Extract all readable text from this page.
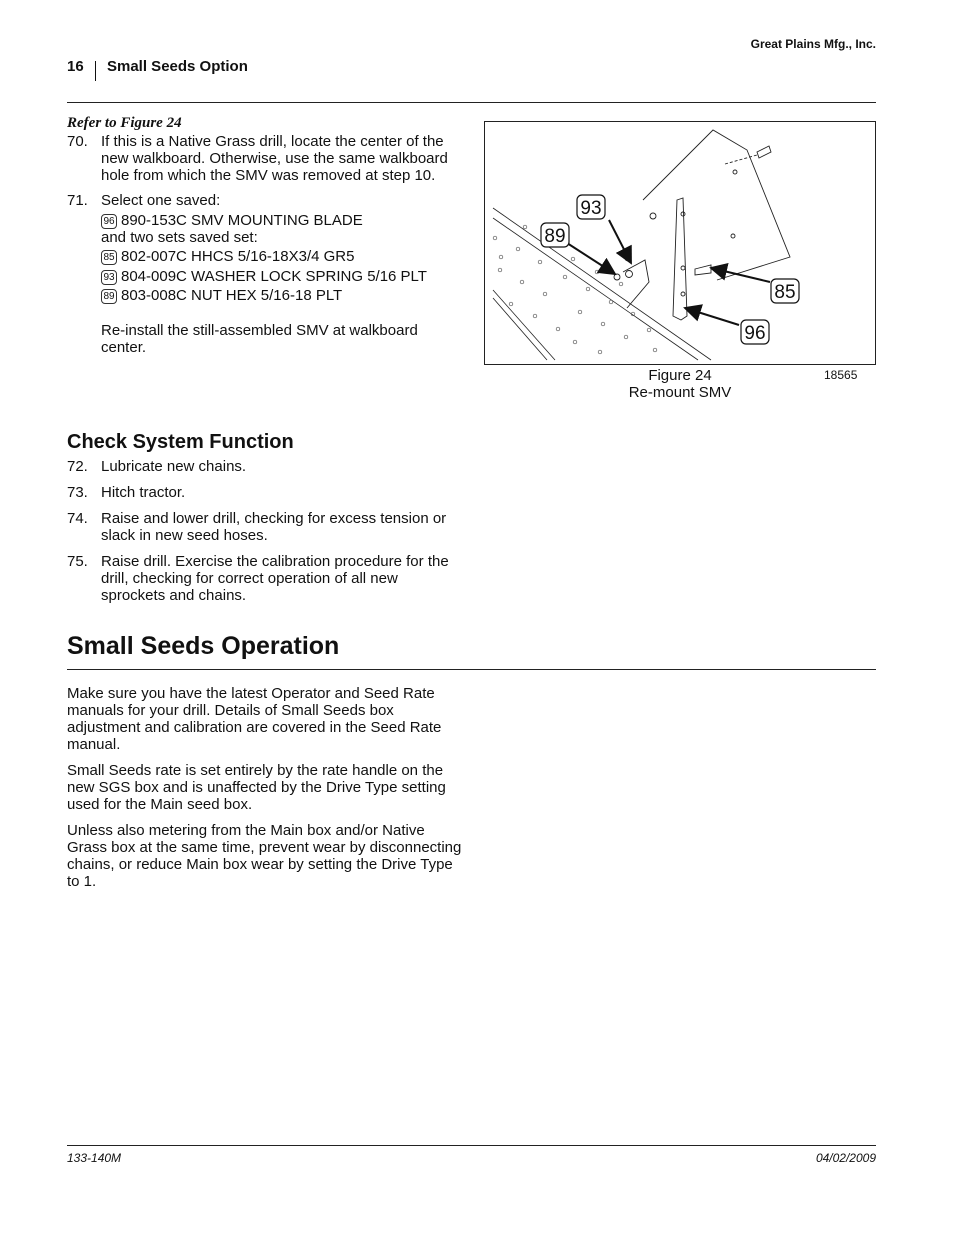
Great Plains Mfg., Inc.
16 Small Seeds Option
Refer to Figure 24
70. If this is a Native Grass drill, locate the center of the new walkboard. Otherwise, use the same walkboard hole from which the SMV was removed at step 10.
71. Select one saved:
96 890-153C SMV MOUNTING BLADE
and two sets saved set:
85 802-007C HHCS 5/16-18X3/4 GR5
93 804-009C WASHER LOCK SPRING 5/16 PLT
89 803-008C NUT HEX 5/16-18 PLT
Re-install the still-assembled SMV at walkboard center.
93
89
85
96
Figure 24
Re-mount SMV
18565
Check System Function
72. Lubricate new chains.
73. Hitch tractor.
74. Raise and lower drill, checking for excess tension or slack in new seed hoses.
75. Raise drill. Exercise the calibration procedure for the drill, checking for correct operation of all new sprockets and chains.
Small Seeds Operation
Make sure you have the latest Operator and Seed Rate manuals for your drill. Details of Small Seeds box adjustment and calibration are covered in the Seed Rate manual.
Small Seeds rate is set entirely by the rate handle on the new SGS box and is unaffected by the Drive Type setting used for the Main seed box.
Unless also metering from the Main box and/or Native Grass box at the same time, prevent wear by disconnecting chains, or reduce Main box wear by setting the Drive Type to 1.
133-140M	04/02/2009
